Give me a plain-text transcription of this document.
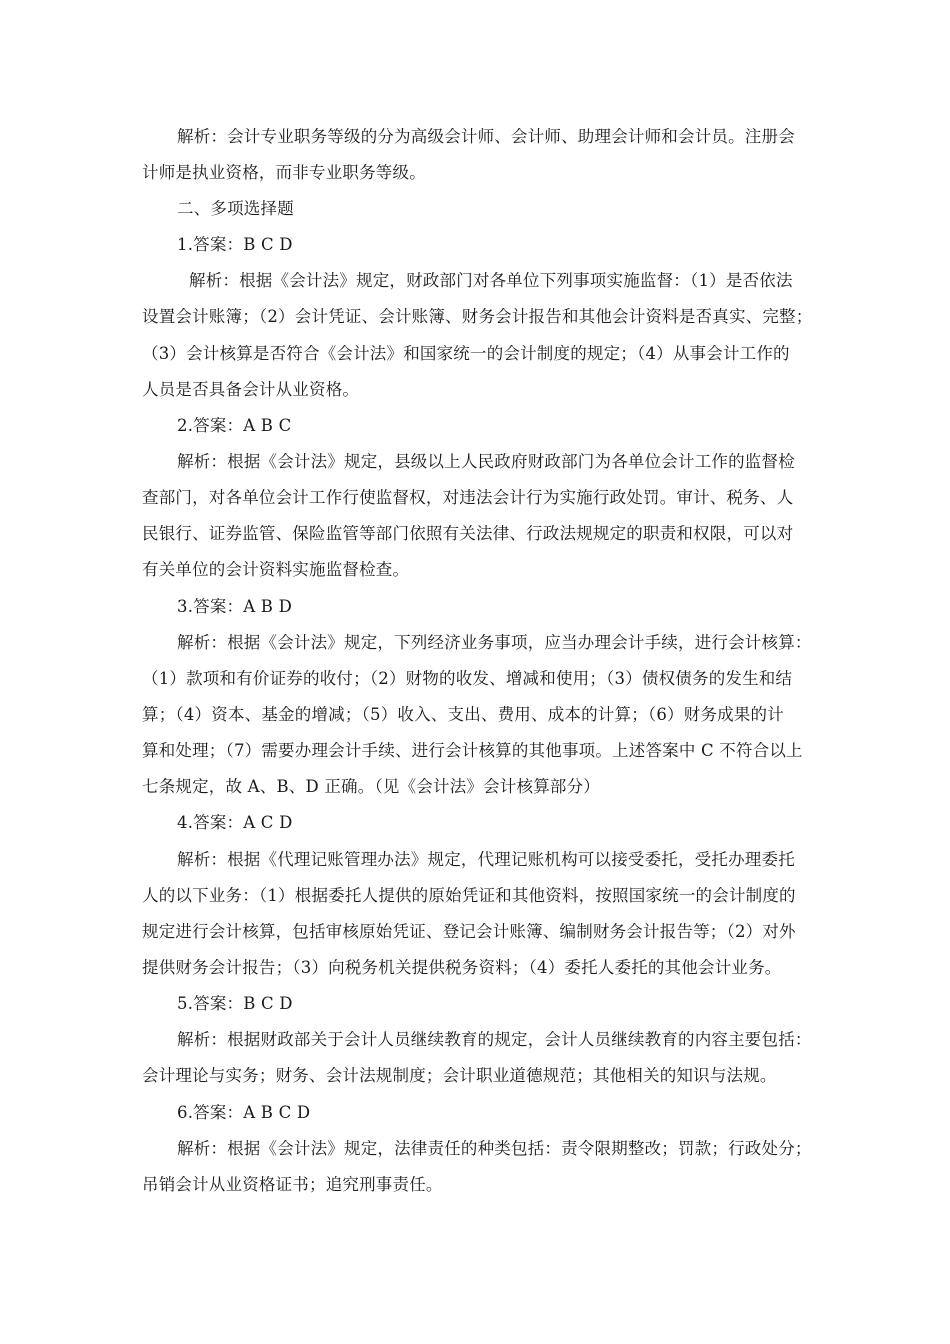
解析：会计专业职务等级的分为高级会计师、会计师、助理会计师和会计员。注册会
计师是执业资格，而非专业职务等级。
二、多项选择题
1.答案：B C D
解析：根据《会计法》规定，财政部门对各单位下列事项实施监督：（1）是否依法
设置会计账簿；（2）会计凭证、会计账簿、财务会计报告和其他会计资料是否真实、完整；
（3）会计核算是否符合《会计法》和国家统一的会计制度的规定；（4）从事会计工作的
人员是否具备会计从业资格。
2.答案：A B C
解析：根据《会计法》规定，县级以上人民政府财政部门为各单位会计工作的监督检
查部门，对各单位会计工作行使监督权，对违法会计行为实施行政处罚。审计、税务、人
民银行、证券监管、保险监管等部门依照有关法律、行政法规规定的职责和权限，可以对
有关单位的会计资料实施监督检查。
3.答案：A B D
解析：根据《会计法》规定，下列经济业务事项，应当办理会计手续，进行会计核算：
（1）款项和有价证券的收付；（2）财物的收发、增减和使用；（3）债权债务的发生和结
算；（4）资本、基金的增减；（5）收入、支出、费用、成本的计算；（6）财务成果的计
算和处理；（7）需要办理会计手续、进行会计核算的其他事项。上述答案中 C 不符合以上
七条规定，故 A、B、D 正确。（见《会计法》会计核算部分）
4.答案：A C D
解析：根据《代理记账管理办法》规定，代理记账机构可以接受委托，受托办理委托
人的以下业务：（1）根据委托人提供的原始凭证和其他资料，按照国家统一的会计制度的
规定进行会计核算，包括审核原始凭证、登记会计账簿、编制财务会计报告等；（2）对外
提供财务会计报告；（3）向税务机关提供税务资料；（4）委托人委托的其他会计业务。
5.答案：B C D
解析：根据财政部关于会计人员继续教育的规定，会计人员继续教育的内容主要包括：
会计理论与实务；财务、会计法规制度；会计职业道德规范；其他相关的知识与法规。
6.答案：A B C D
解析：根据《会计法》规定，法律责任的种类包括：责令限期整改；罚款；行政处分；
吊销会计从业资格证书；追究刑事责任。
